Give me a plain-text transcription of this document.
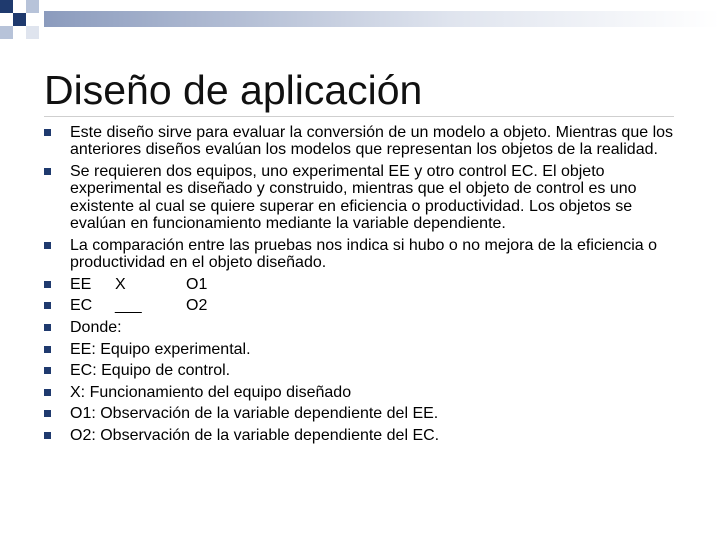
Diseño de aplicación
Este diseño sirve para evaluar la conversión de un modelo a objeto. Mientras que los anteriores diseños evalúan los modelos que representan los objetos de la realidad.
Se requieren dos equipos, uno experimental EE y otro control EC. El objeto experimental es diseñado y construido, mientras que el objeto de control es uno existente al cual se quiere superar en eficiencia o productividad. Los objetos se evalúan en funcionamiento mediante la variable dependiente.
La comparación entre las pruebas nos indica si hubo o no mejora de la eficiencia o productividad en el objeto diseñado.
EE X	O1
EC ___	O2
Donde:
EE: Equipo experimental.
EC: Equipo de control.
X: Funcionamiento del equipo diseñado
O1: Observación de la variable dependiente del EE.
O2: Observación de la variable dependiente del EC.
